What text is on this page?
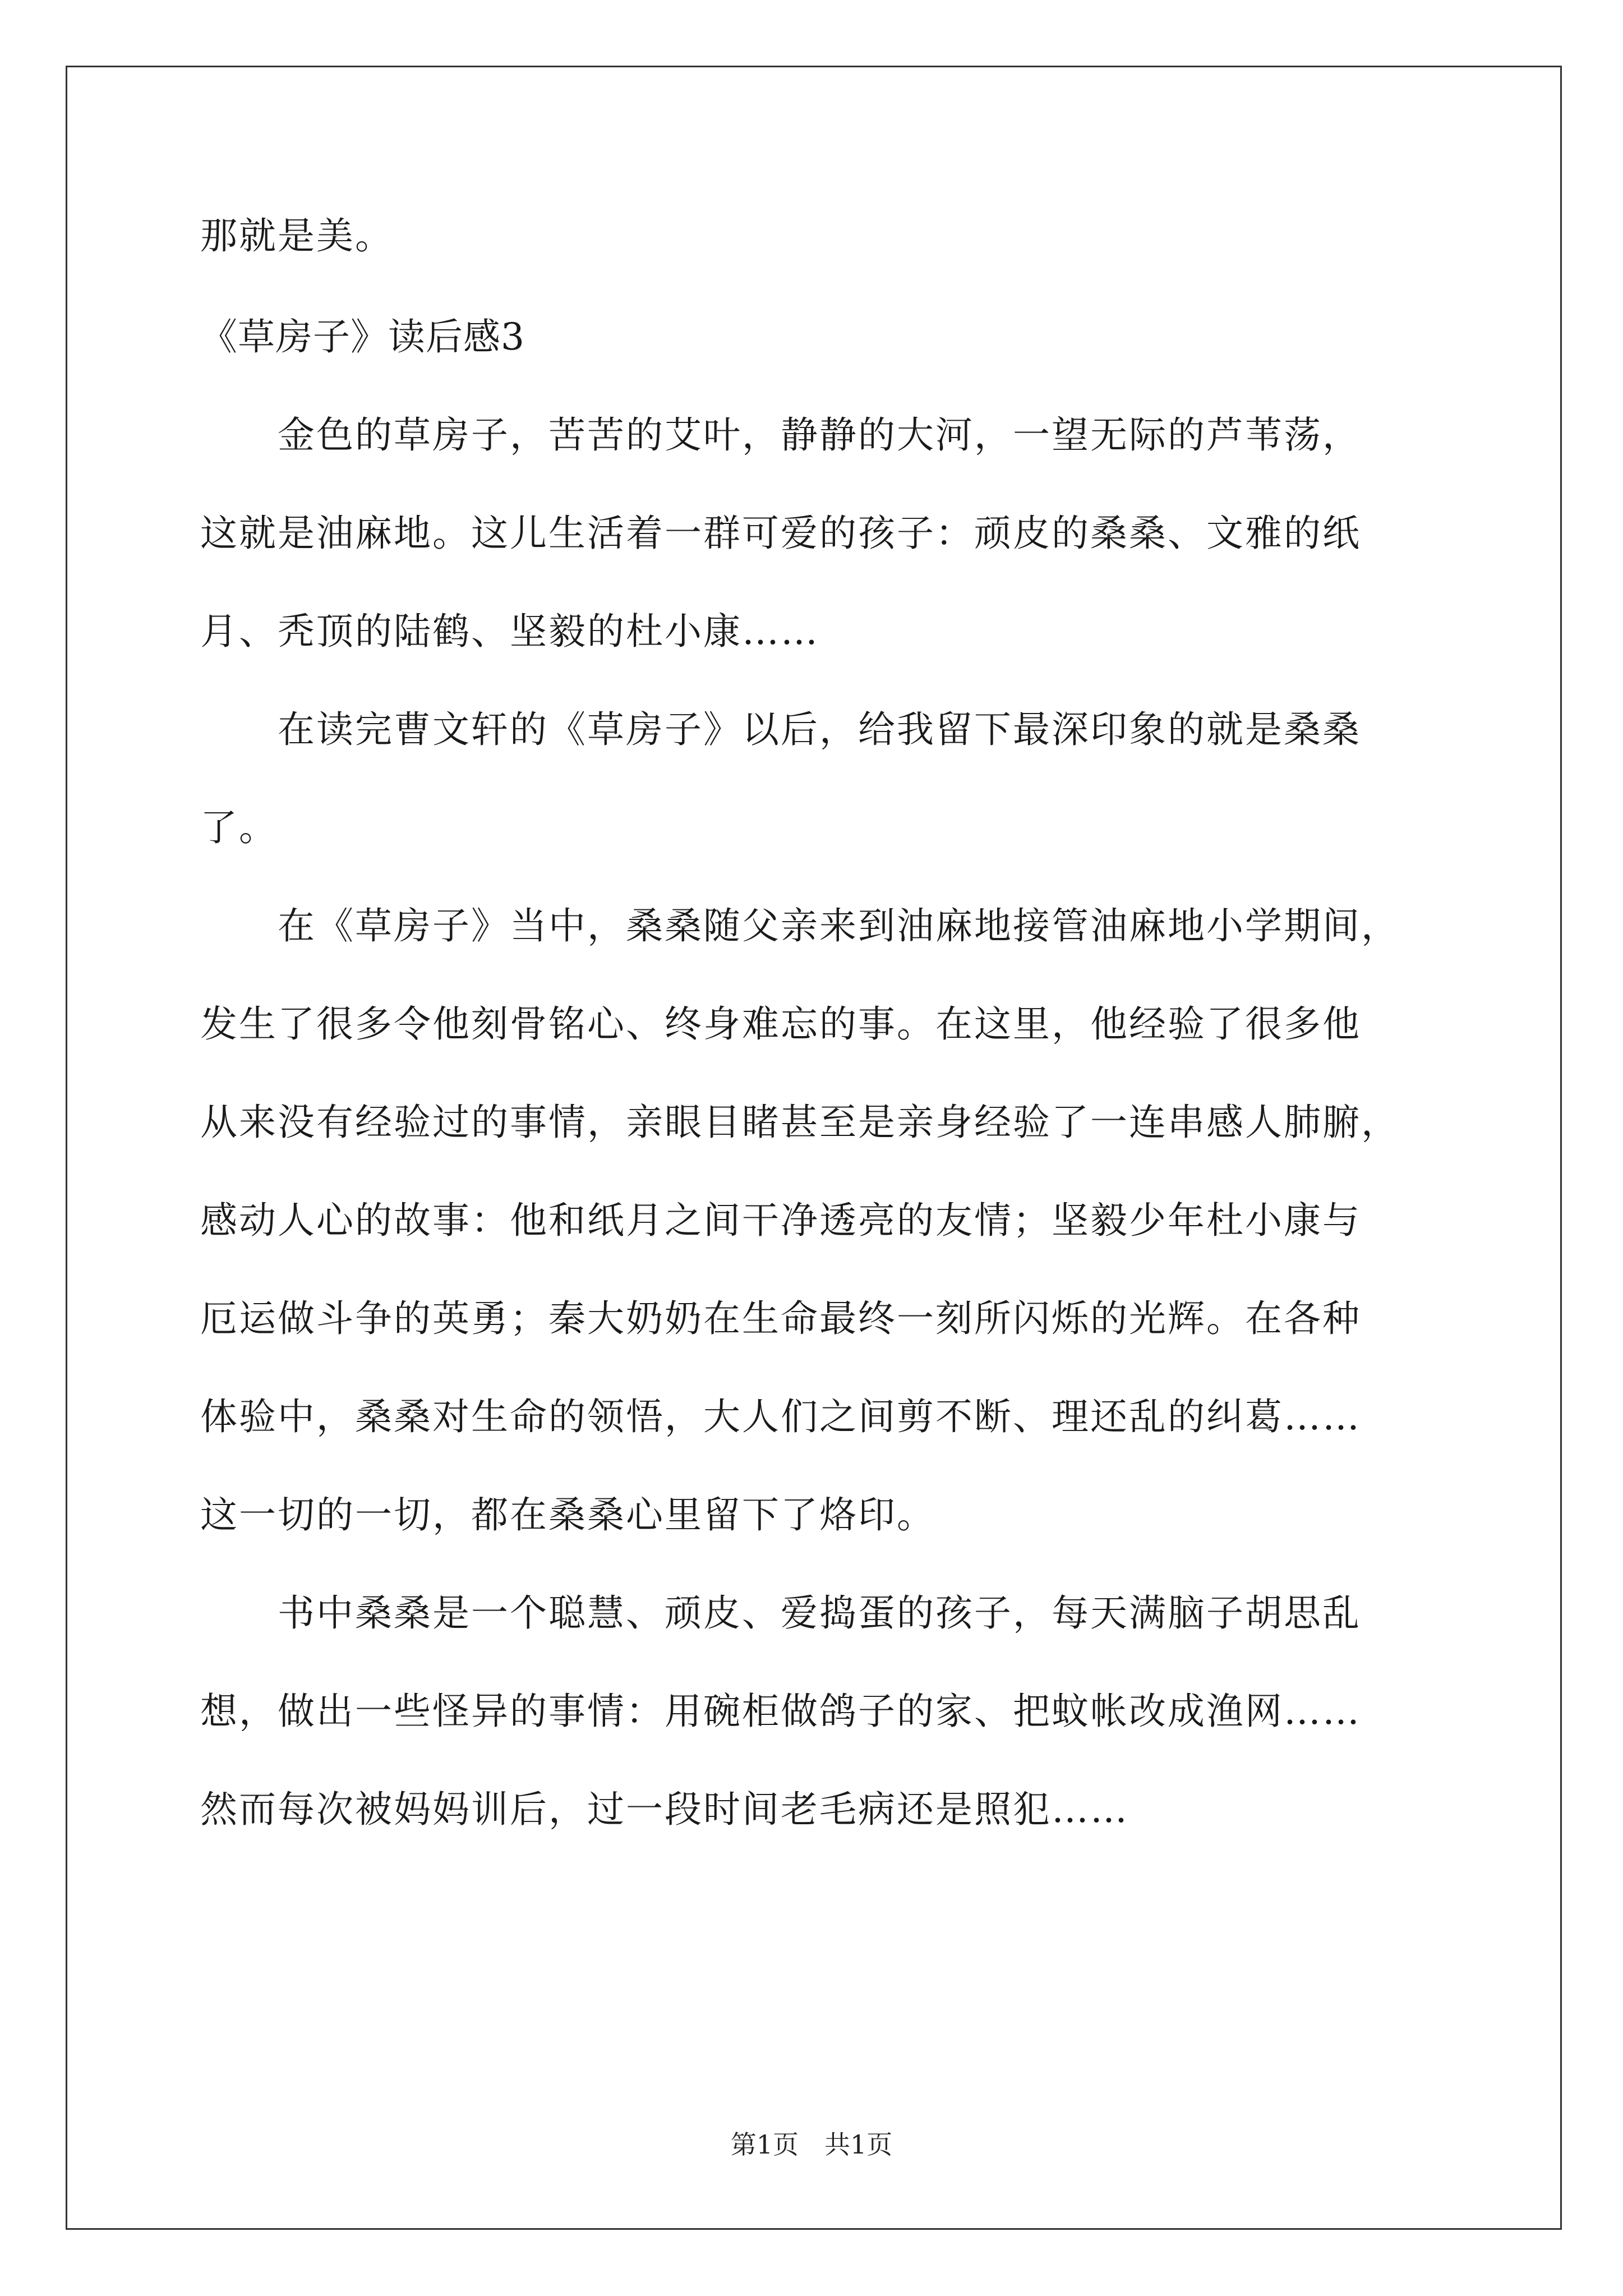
那就是美。
《草房子》读后感3
金色的草房子，苦苦的艾叶，静静的大河，一望无际的芦苇荡，
这就是油麻地。这儿生活着一群可爱的孩子：顽皮的桑桑、文雅的纸
月、秃顶的陆鹤、坚毅的杜小康……
在读完曹文轩的《草房子》以后，给我留下最深印象的就是桑桑
了。
在《草房子》当中，桑桑随父亲来到油麻地接管油麻地小学期间，
发生了很多令他刻骨铭心、终身难忘的事。在这里，他经验了很多他
从来没有经验过的事情，亲眼目睹甚至是亲身经验了一连串感人肺腑，
感动人心的故事：他和纸月之间干净透亮的友情；坚毅少年杜小康与
厄运做斗争的英勇；秦大奶奶在生命最终一刻所闪烁的光辉。在各种
体验中，桑桑对生命的领悟，大人们之间剪不断、理还乱的纠葛……
这一切的一切，都在桑桑心里留下了烙印。
书中桑桑是一个聪慧、顽皮、爱捣蛋的孩子，每天满脑子胡思乱
想，做出一些怪异的事情：用碗柜做鸽子的家、把蚊帐改成渔网……
然而每次被妈妈训后，过一段时间老毛病还是照犯……
第1页　共1页
